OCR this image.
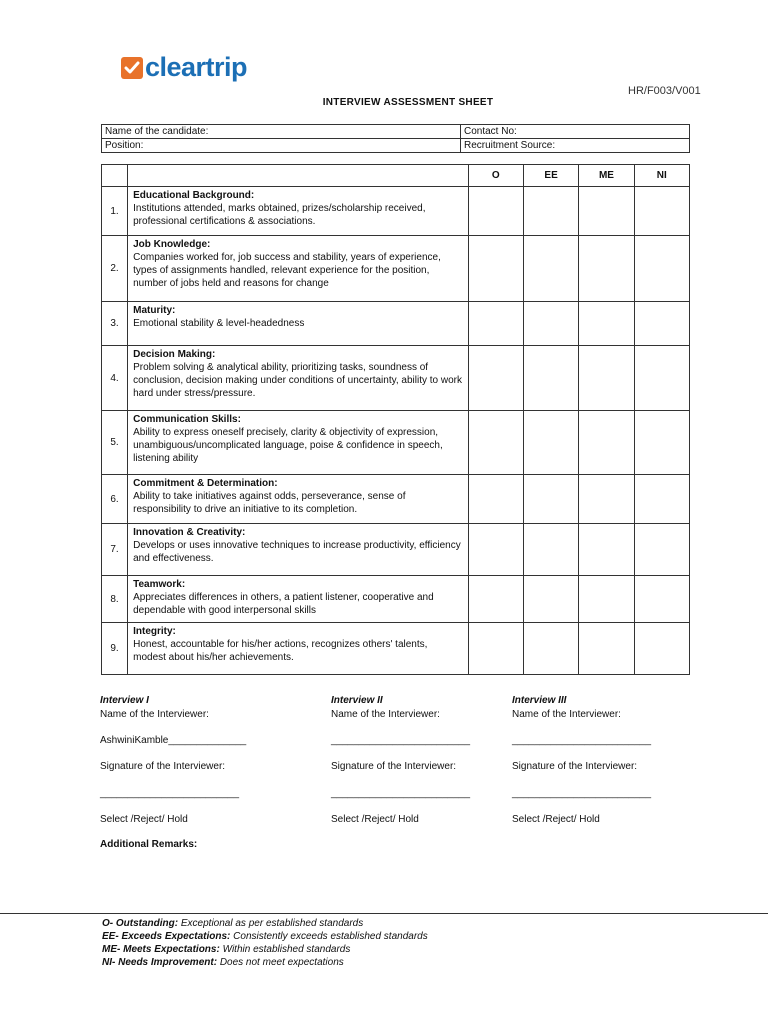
cleartrip
HR/F003/V001
INTERVIEW ASSESSMENT SHEET
Name of the candidate:	Contact No:
Position:	Recruitment Source:
		O	EE	ME	NI
1.	Educational Background:
Institutions attended, marks obtained, prizes/scholarship received, professional certifications & associations.				
2.	Job Knowledge:
Companies worked for, job success and stability, years of experience, types of assignments handled, relevant experience for the position, number of jobs held and reasons for change				
3.	Maturity:
Emotional stability & level-headedness				
4.	Decision Making:
Problem solving & analytical ability, prioritizing tasks, soundness of conclusion, decision making under conditions of uncertainty, ability to work hard under stress/pressure.				
5.	Communication Skills:
Ability to express oneself precisely, clarity & objectivity of expression, unambiguous/uncomplicated language, poise & confidence in speech, listening ability				
6.	Commitment & Determination:
Ability to take initiatives against odds, perseverance, sense of responsibility to drive an initiative to its completion.				
7.	Innovation & Creativity:
Develops or uses innovative techniques to increase productivity, efficiency and effectiveness.				
8.	Teamwork:
Appreciates differences in others, a patient listener, cooperative and dependable with good interpersonal skills				
9.	Integrity:
Honest, accountable for his/her actions, recognizes others' talents, modest about his/her achievements.				
Interview I
Name of the Interviewer:
AshwiniKamble______________
Signature of the Interviewer:
_________________________
Select /Reject/ Hold
Interview II
Name of the Interviewer:
_________________________
Signature of the Interviewer:
_________________________
Select /Reject/ Hold
Interview III
Name of the Interviewer:
_________________________
Signature of the Interviewer:
_________________________
Select /Reject/ Hold
Additional Remarks:
O- Outstanding: Exceptional as per established standards
EE- Exceeds Expectations: Consistently exceeds established standards
ME- Meets Expectations: Within established standards
NI- Needs Improvement: Does not meet expectations
